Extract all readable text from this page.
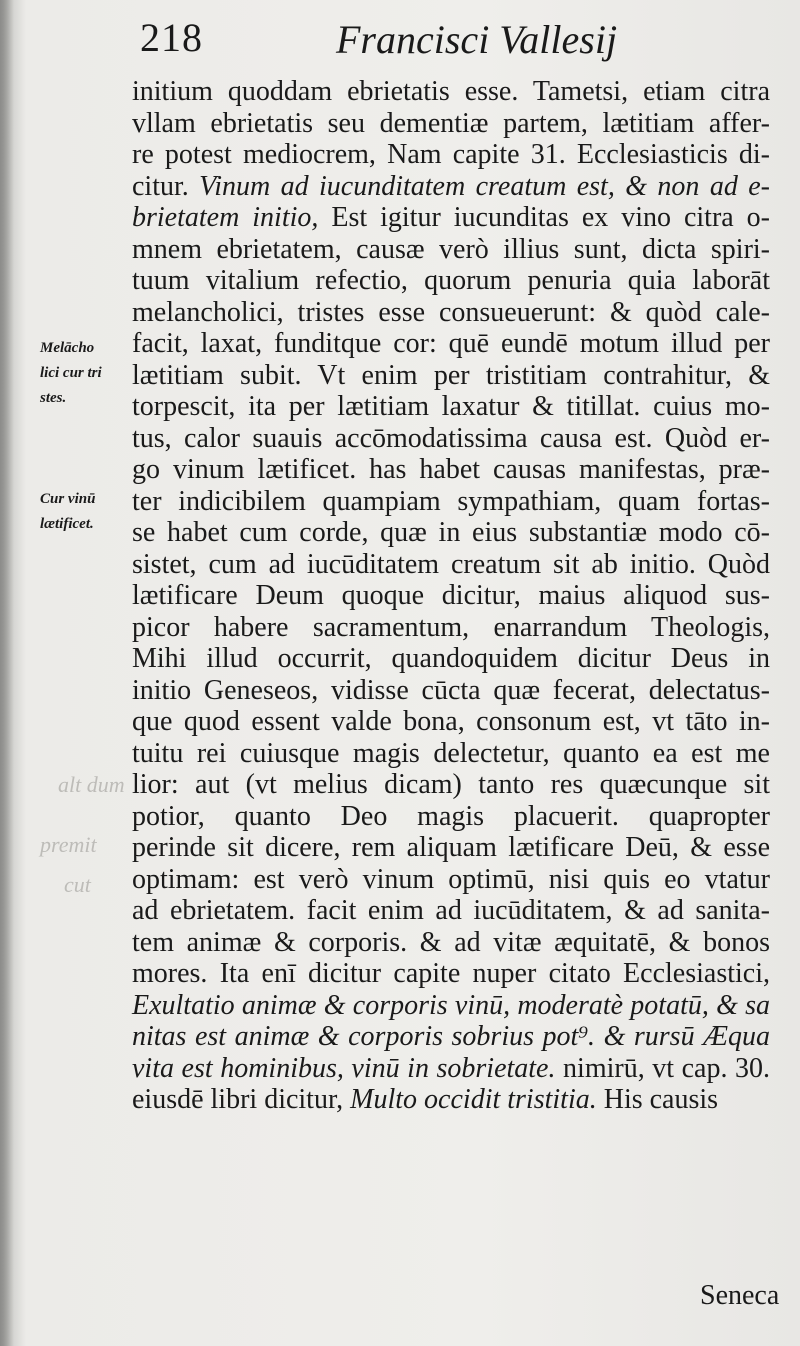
218	Francisci Vallesij
Melācho
lici cur tri
stes.
Cur vinū
lætificet.
alt dum
premit
cut
initium quoddam ebrietatis esse. Tametsi, etiam citra
vllam ebrietatis seu dementiæ partem, lætitiam affer-
re potest mediocrem, Nam capite 31. Ecclesiasticis di-
citur. Vinum ad iucunditatem creatum est, & non ad e-
brietatem initio, Est igitur iucunditas ex vino citra o-
mnem ebrietatem, causæ verò illius sunt, dicta spiri-
tuum vitalium refectio, quorum penuria quia laborāt
melancholici, tristes esse consueuerunt: & quòd cale-
facit, laxat, funditque cor: quē eundē motum illud per
lætitiam subit. Vt enim per tristitiam contrahitur, &
torpescit, ita per lætitiam laxatur & titillat. cuius mo-
tus, calor suauis accōmodatissima causa est. Quòd er-
go vinum lætificet. has habet causas manifestas, præ-
ter indicibilem quampiam sympathiam, quam fortas-
se habet cum corde, quæ in eius substantiæ modo cō-
sistet, cum ad iucūditatem creatum sit ab initio. Quòd
lætificare Deum quoque dicitur, maius aliquod sus-
picor habere sacramentum, enarrandum Theologis,
Mihi illud occurrit, quandoquidem dicitur Deus in
initio Geneseos, vidisse cūcta quæ fecerat, delectatus-
que quod essent valde bona, consonum est, vt tāto in-
tuitu rei cuiusque magis delectetur, quanto ea est me
lior: aut (vt melius dicam) tanto res quæcunque sit
potior, quanto Deo magis placuerit. quapropter
perinde sit dicere, rem aliquam lætificare Deū, & esse
optimam: est verò vinum optimū, nisi quis eo vtatur
ad ebrietatem. facit enim ad iucūditatem, & ad sanita-
tem animæ & corporis. & ad vitæ æquitatē, & bonos
mores. Ita enī dicitur capite nuper citato Ecclesiastici,
Exultatio animæ & corporis vinū, moderatè potatū, & sa
nitas est animæ & corporis sobrius pot⁹. & rursū Æqua
vita est hominibus, vinū in sobrietate. nimirū, vt cap. 30.
eiusdē libri dicitur, Multo occidit tristitia. His causis
Seneca
